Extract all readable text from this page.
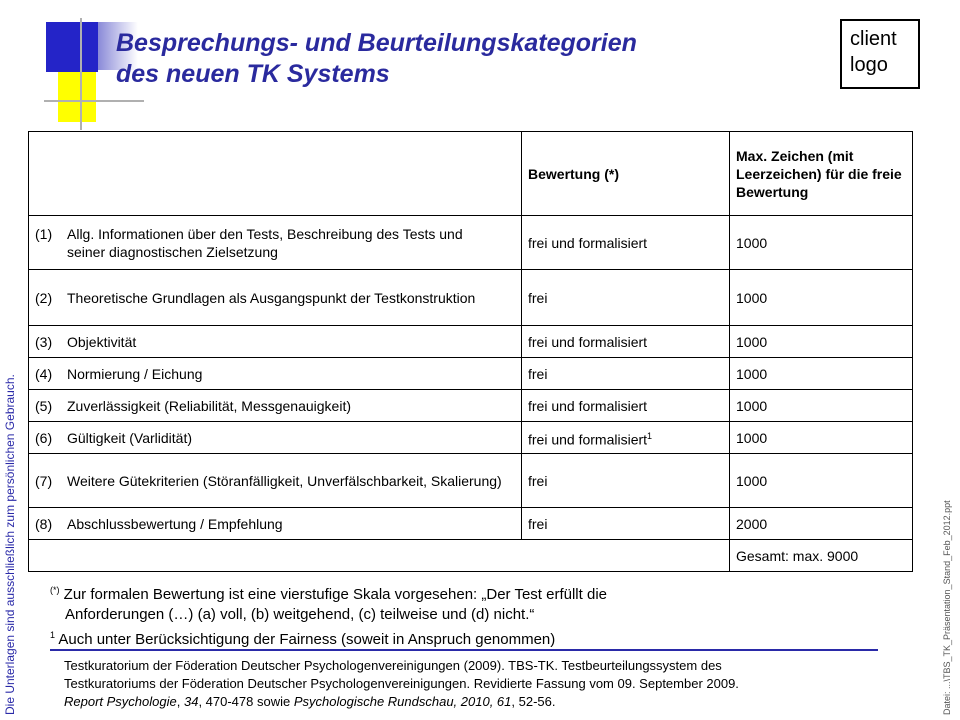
Besprechungs- und Beurteilungskategorien
des neuen TK Systems
client
logo
Die Unterlagen sind ausschließlich zum persönlichen Gebrauch.	Datei: ...\TBS_TK_Präsentation_Stand_Feb_2012.ppt
	Bewertung (*)	Max. Zeichen (mit Leerzeichen) für die freie Bewertung
(1) Allg. Informationen über den Tests, Beschreibung des Tests und seiner diagnostischen Zielsetzung	frei und formalisiert	1000
(2) Theoretische Grundlagen als Ausgangspunkt der Testkonstruktion	frei	1000
(3) Objektivität	frei und formalisiert	1000
(4) Normierung / Eichung	frei	1000
(5) Zuverlässigkeit (Reliabilität, Messgenauigkeit)	frei und formalisiert	1000
(6) Gültigkeit (Varlidität)	frei und formalisiert$^1$	1000
(7) Weitere Gütekriterien (Störanfälligkeit, Unverfälschbarkeit, Skalierung)	frei	1000
(8) Abschlussbewertung / Empfehlung	frei	2000
		Gesamt: max. 9000
(*) Zur formalen Bewertung ist eine vierstufige Skala vorgesehen: „Der Test erfüllt die
Anforderungen (…) (a) voll, (b) weitgehend, (c) teilweise und (d) nicht.“
$^1$ Auch unter Berücksichtigung der Fairness (soweit in Anspruch genommen)
Testkuratorium der Föderation Deutscher Psychologenvereinigungen (2009). TBS-TK. Testbeurteilungssystem des
Testkuratoriums der Föderation Deutscher Psychologenvereinigungen. Revidierte Fassung vom 09. September 2009.
Report Psychologie, 34, 470-478 sowie Psychologische Rundschau, 2010, 61, 52-56.
